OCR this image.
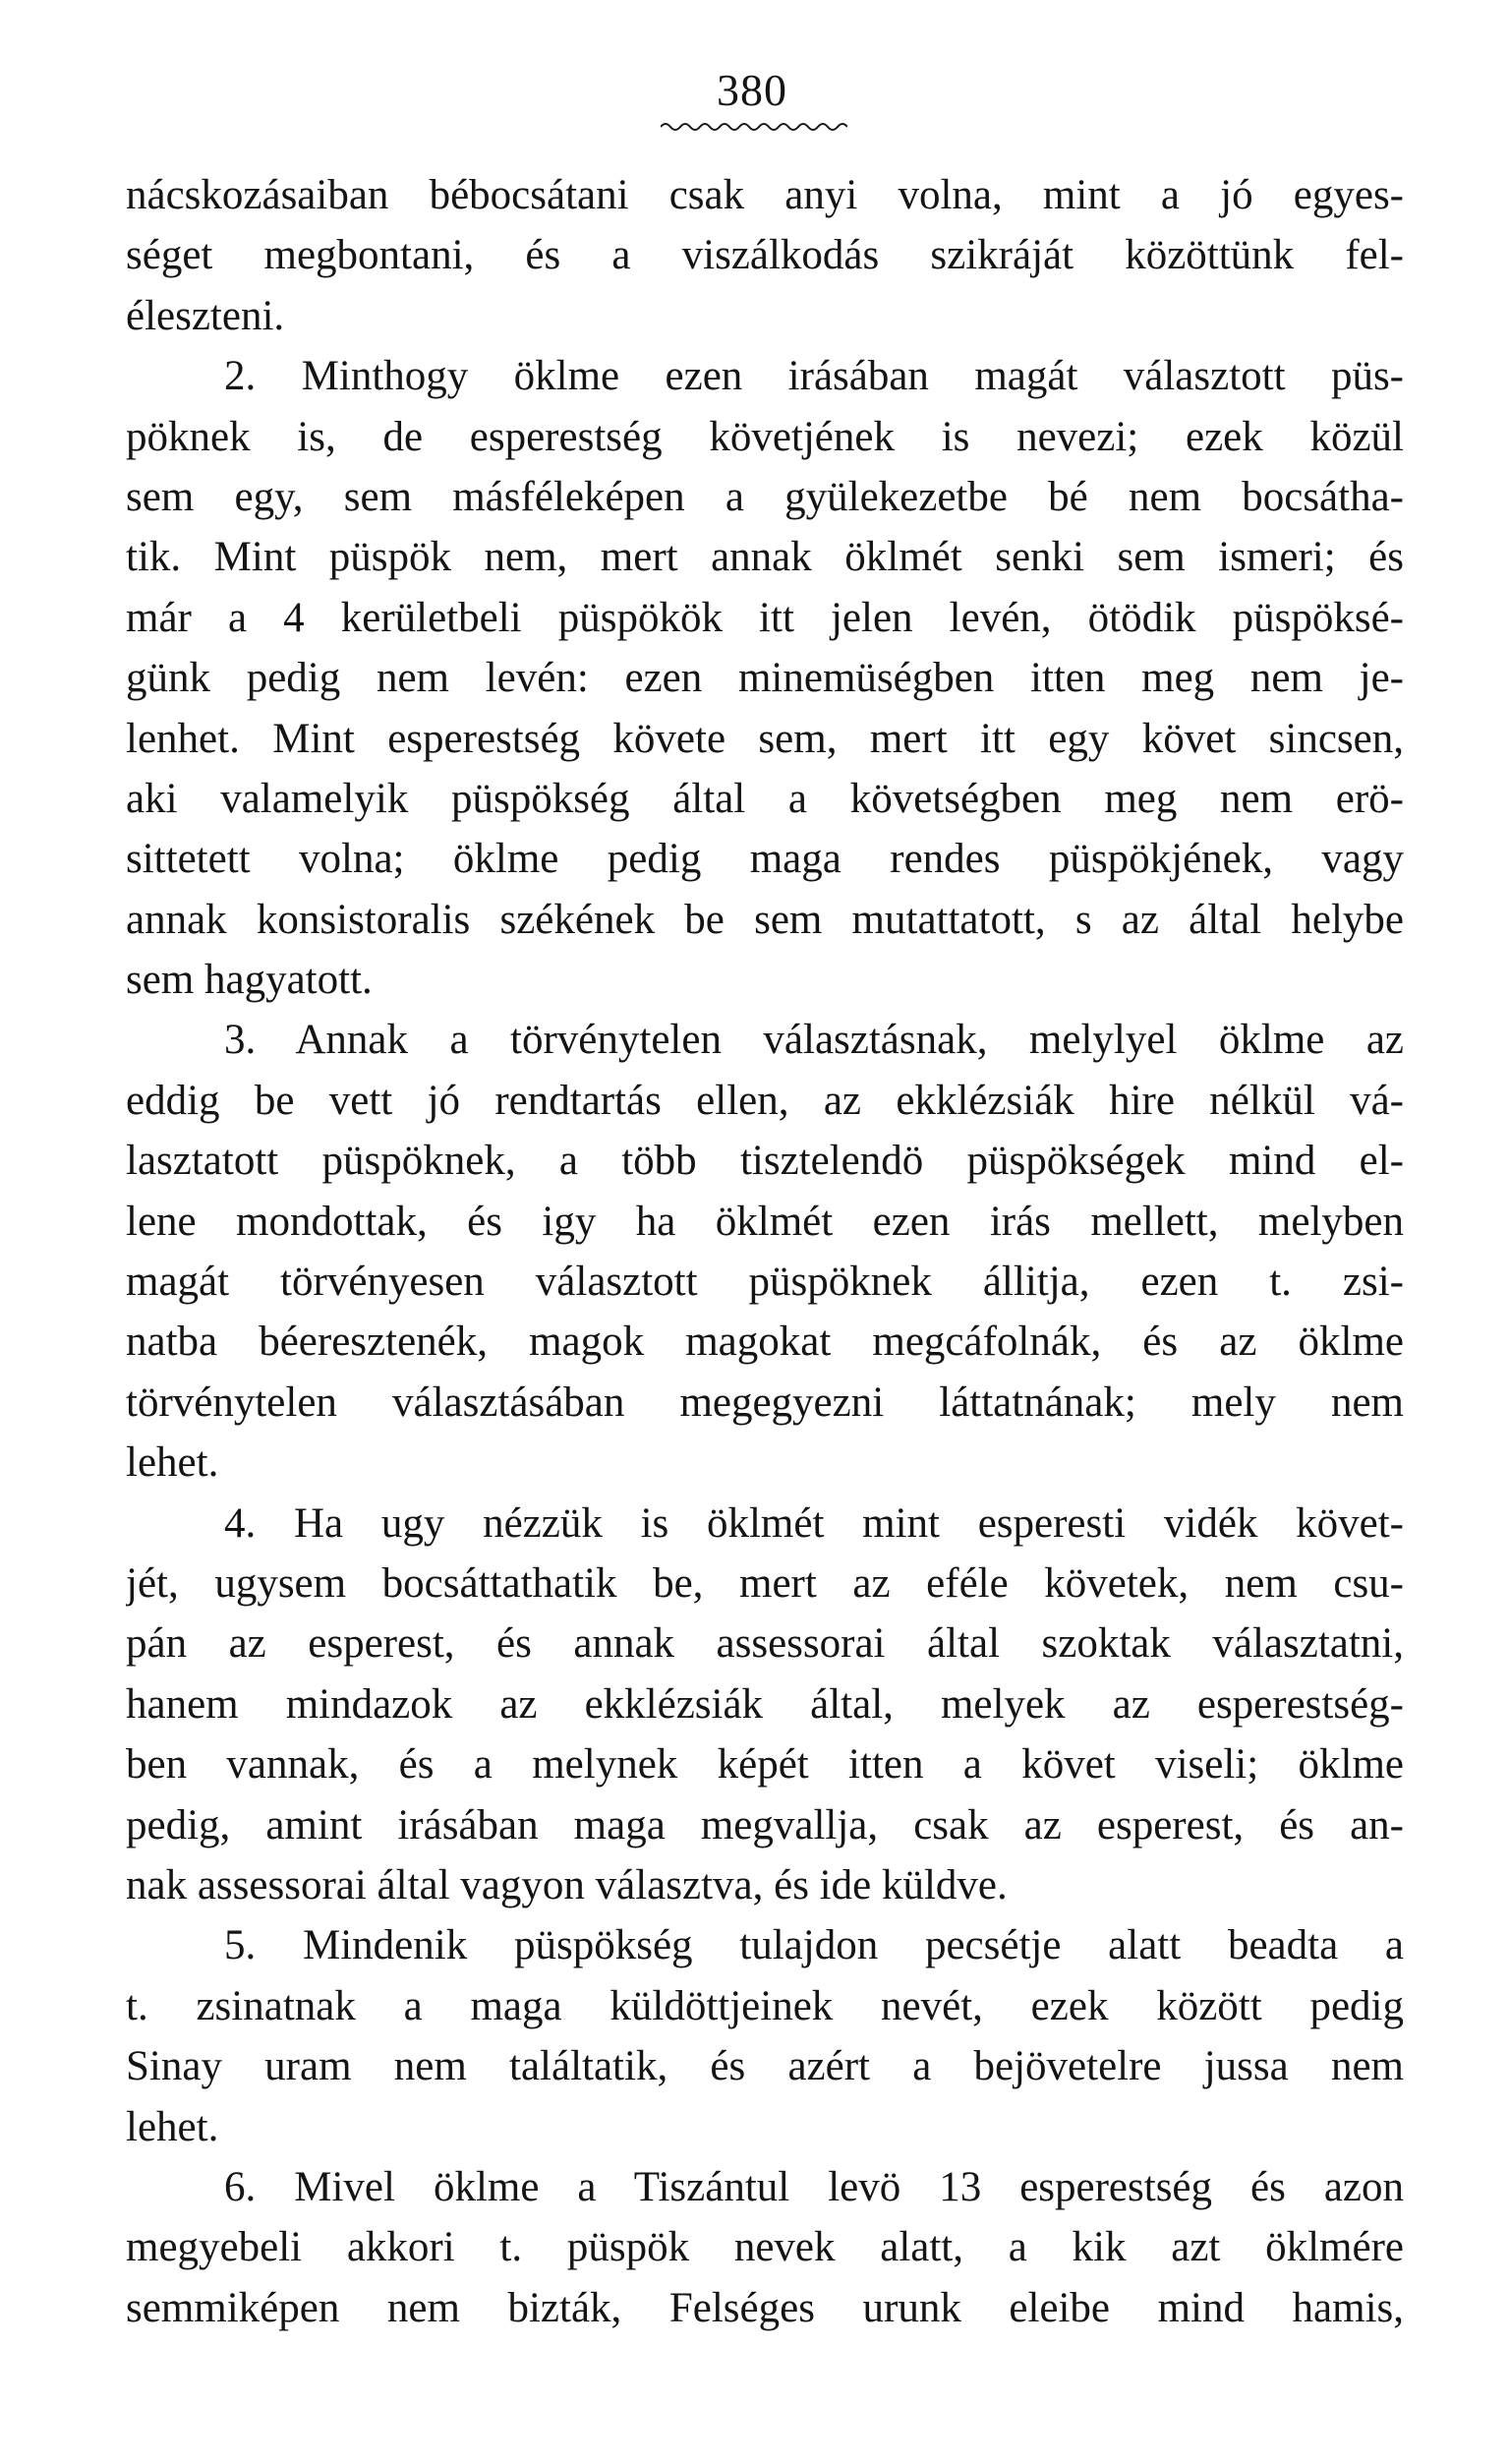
380
nácskozásaiban bébocsátani csak anyi volna, mint a jó egyes-
séget megbontani, és a viszálkodás szikráját közöttünk fel-
éleszteni.
2. Minthogy öklme ezen irásában magát választott püs-
pöknek is, de esperestség követjének is nevezi; ezek közül
sem egy, sem másféleképen a gyülekezetbe bé nem bocsátha-
tik. Mint püspök nem, mert annak öklmét senki sem ismeri; és
már a 4 kerületbeli püspökök itt jelen levén, ötödik püspöksé-
günk pedig nem levén: ezen minemüségben itten meg nem je-
lenhet. Mint esperestség követe sem, mert itt egy követ sincsen,
aki valamelyik püspökség által a követségben meg nem erö-
sittetett volna; öklme pedig maga rendes püspökjének, vagy
annak konsistoralis székének be sem mutattatott, s az által helybe
sem hagyatott.
3. Annak a törvénytelen választásnak, melylyel öklme az
eddig be vett jó rendtartás ellen, az ekklézsiák hire nélkül vá-
lasztatott püspöknek, a több tisztelendö püspökségek mind el-
lene mondottak, és igy ha öklmét ezen irás mellett, melyben
magát törvényesen választott püspöknek állitja, ezen t. zsi-
natba béeresztenék, magok magokat megcáfolnák, és az öklme
törvénytelen választásában megegyezni láttatnának; mely nem
lehet.
4. Ha ugy nézzük is öklmét mint esperesti vidék követ-
jét, ugysem bocsáttathatik be, mert az eféle követek, nem csu-
pán az esperest, és annak assessorai által szoktak választatni,
hanem mindazok az ekklézsiák által, melyek az esperestség-
ben vannak, és a melynek képét itten a követ viseli; öklme
pedig, amint irásában maga megvallja, csak az esperest, és an-
nak assessorai által vagyon választva, és ide küldve.
5. Mindenik püspökség tulajdon pecsétje alatt beadta a
t. zsinatnak a maga küldöttjeinek nevét, ezek között pedig
Sinay uram nem találtatik, és azért a bejövetelre jussa nem
lehet.
6. Mivel öklme a Tiszántul levö 13 esperestség és azon
megyebeli akkori t. püspök nevek alatt, a kik azt öklmére
semmiképen nem bizták, Felséges urunk eleibe mind hamis,
